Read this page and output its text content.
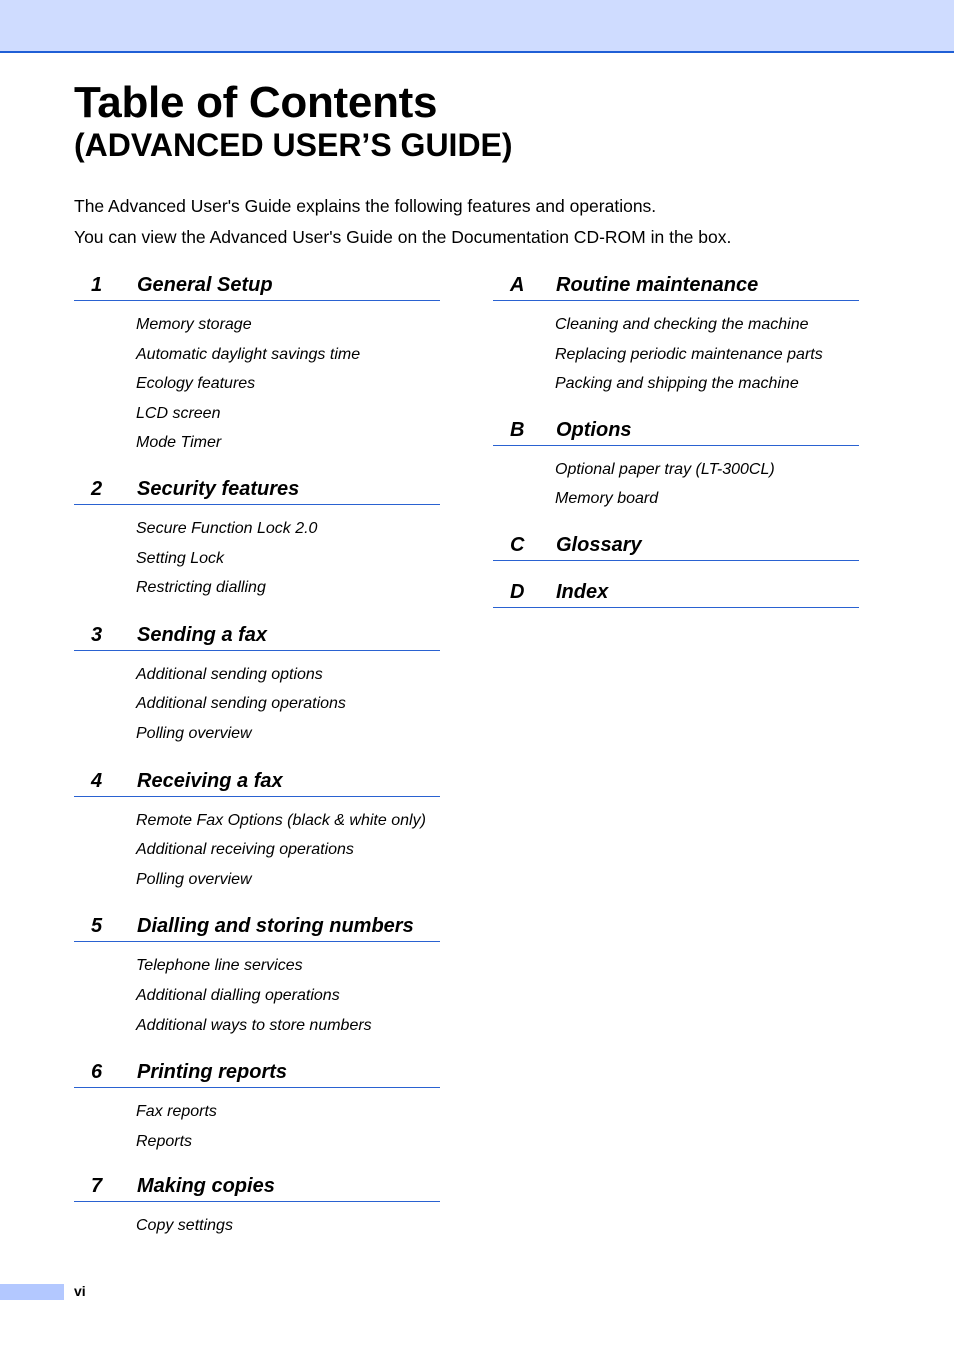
Table of Contents
(ADVANCED USER’S GUIDE)

The Advanced User's Guide explains the following features and operations.

You can view the Advanced User's Guide on the Documentation CD-ROM in the box.

1	General Setup
Memory storage
Automatic daylight savings time
Ecology features
LCD screen
Mode Timer
2	Security features
Secure Function Lock 2.0
Setting Lock
Restricting dialling
3	Sending a fax
Additional sending options
Additional sending operations
Polling overview
4	Receiving a fax
Remote Fax Options (black & white only)
Additional receiving operations
Polling overview
5	Dialling and storing numbers
Telephone line services
Additional dialling operations
Additional ways to store numbers
6	Printing reports
Fax reports
Reports
7	Making copies
Copy settings
A	Routine maintenance
Cleaning and checking the machine
Replacing periodic maintenance parts
Packing and shipping the machine
B	Options
Optional paper tray (LT-300CL)
Memory board
C	Glossary
D	Index
vi
